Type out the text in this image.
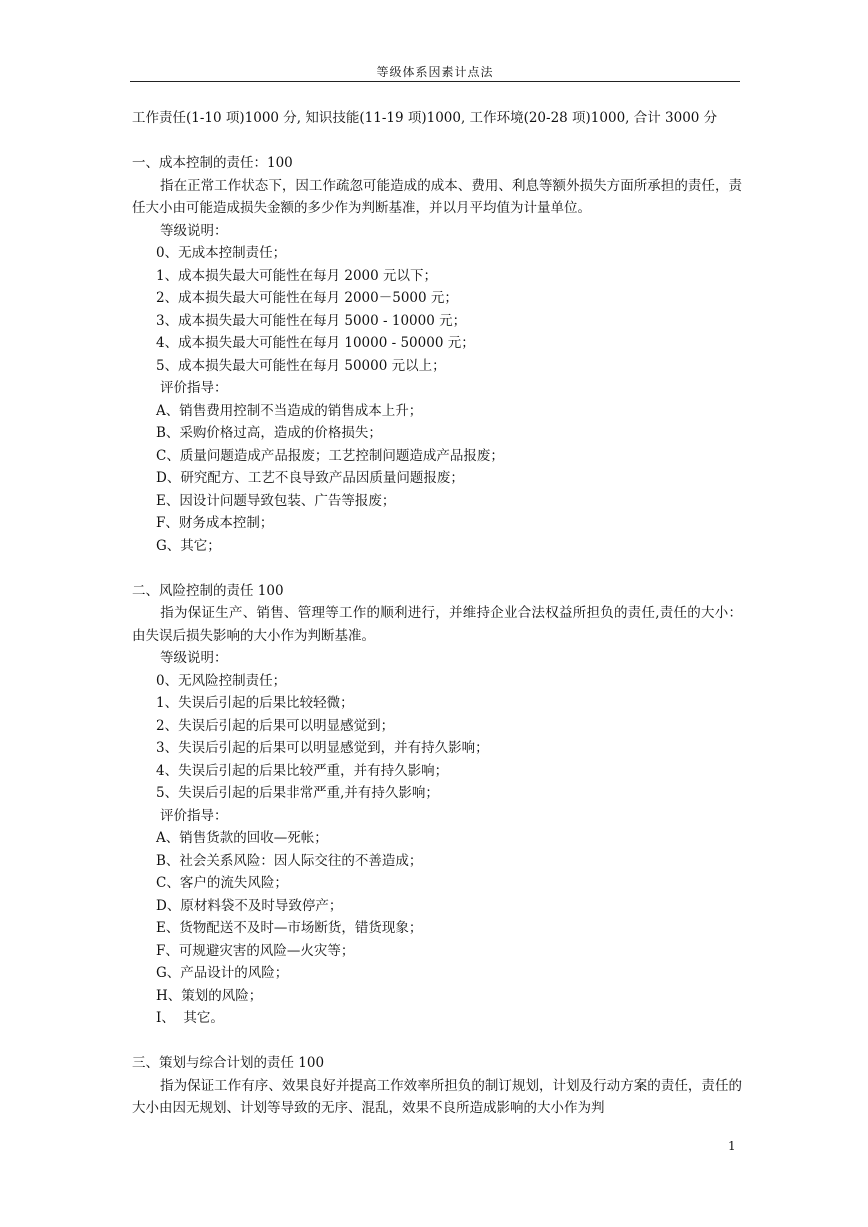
等级体系因素计点法
工作责任(1-10 项)1000 分, 知识技能(11-19 项)1000, 工作环境(20-28 项)1000, 合计 3000 分
一、成本控制的责任：100
指在正常工作状态下，因工作疏忽可能造成的成本、费用、利息等额外损失方面所承担的责任，责任大小由可能造成损失金额的多少作为判断基准，并以月平均值为计量单位。
等级说明：
0、无成本控制责任；
1、成本损失最大可能性在每月 2000 元以下；
2、成本损失最大可能性在每月 2000－5000 元；
3、成本损失最大可能性在每月 5000 - 10000 元；
4、成本损失最大可能性在每月 10000 - 50000 元；
5、成本损失最大可能性在每月 50000 元以上；
评价指导：
A、销售费用控制不当造成的销售成本上升；
B、采购价格过高，造成的价格损失；
C、质量问题造成产品报废；工艺控制问题造成产品报废；
D、研究配方、工艺不良导致产品因质量问题报废；
E、因设计问题导致包装、广告等报废；
F、财务成本控制；
G、其它；
二、风险控制的责任 100
指为保证生产、销售、管理等工作的顺利进行，并维持企业合法权益所担负的责任,责任的大小：由失误后损失影响的大小作为判断基准。
等级说明：
0、无风险控制责任；
1、失误后引起的后果比较轻微；
2、失误后引起的后果可以明显感觉到；
3、失误后引起的后果可以明显感觉到，并有持久影响；
4、失误后引起的后果比较严重，并有持久影响；
5、失误后引起的后果非常严重,并有持久影响；
评价指导：
A、销售货款的回收—死帐；
B、社会关系风险：因人际交往的不善造成；
C、客户的流失风险；
D、原材料袋不及时导致停产；
E、货物配送不及时—市场断货，错货现象；
F、可规避灾害的风险—火灾等；
G、产品设计的风险；
H、策划的风险；
I、  其它。
三、策划与综合计划的责任 100
指为保证工作有序、效果良好并提高工作效率所担负的制订规划，计划及行动方案的责任，责任的大小由因无规划、计划等导致的无序、混乱，效果不良所造成影响的大小作为判
1
